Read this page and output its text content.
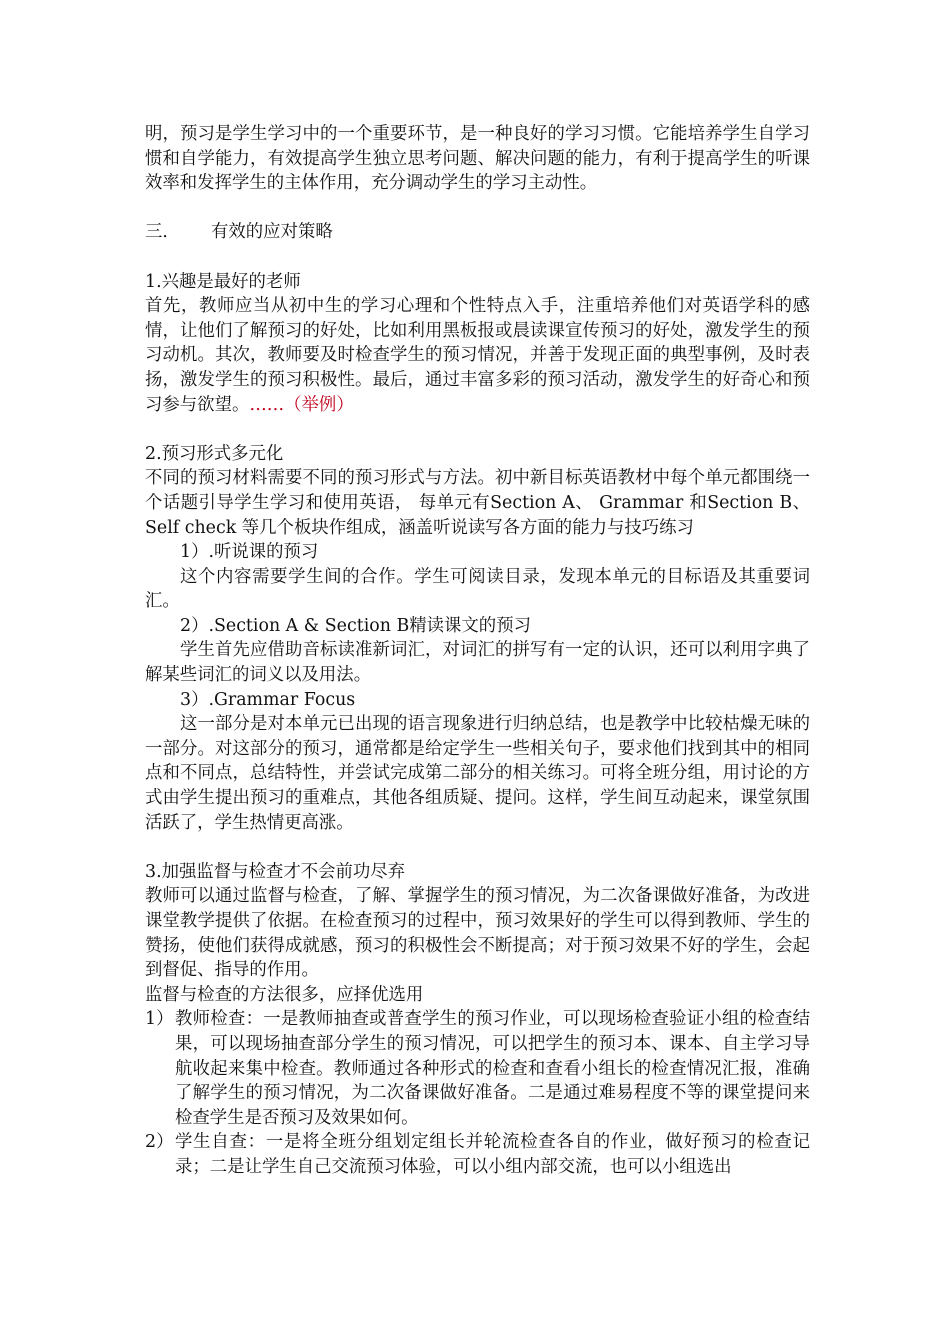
明，预习是学生学习中的一个重要环节，是一种良好的学习习惯。它能培养学生自学习惯和自学能力，有效提高学生独立思考问题、解决问题的能力，有利于提高学生的听课效率和发挥学生的主体作用，充分调动学生的学习主动性。

三．	有效的应对策略

1.兴趣是最好的老师

首先，教师应当从初中生的学习心理和个性特点入手，注重培养他们对英语学科的感情，让他们了解预习的好处，比如利用黑板报或晨读课宣传预习的好处，激发学生的预习动机。其次，教师要及时检查学生的预习情况，并善于发现正面的典型事例，及时表扬，激发学生的预习积极性。最后，通过丰富多彩的预习活动，激发学生的好奇心和预习参与欲望。……（举例）

2.预习形式多元化

不同的预习材料需要不同的预习形式与方法。初中新目标英语教材中每个单元都围绕一个话题引导学生学习和使用英语， 每单元有Section A、 Grammar 和Section B、 Self check 等几个板块作组成，涵盖听说读写各方面的能力与技巧练习

1）.听说课的预习

这个内容需要学生间的合作。学生可阅读目录，发现本单元的目标语及其重要词汇。

2）.Section A & Section B精读课文的预习

学生首先应借助音标读准新词汇，对词汇的拼写有一定的认识，还可以利用字典了解某些词汇的词义以及用法。

3）.Grammar Focus

这一部分是对本单元已出现的语言现象进行归纳总结，也是教学中比较枯燥无味的一部分。对这部分的预习，通常都是给定学生一些相关句子，要求他们找到其中的相同点和不同点，总结特性，并尝试完成第二部分的相关练习。可将全班分组，用讨论的方式由学生提出预习的重难点，其他各组质疑、提问。这样，学生间互动起来，课堂氛围活跃了，学生热情更高涨。

3.加强监督与检查才不会前功尽弃

教师可以通过监督与检查，了解、掌握学生的预习情况，为二次备课做好准备，为改进课堂教学提供了依据。在检查预习的过程中，预习效果好的学生可以得到教师、学生的赞扬，使他们获得成就感，预习的积极性会不断提高；对于预习效果不好的学生，会起到督促、指导的作用。

监督与检查的方法很多，应择优选用

1） 教师检查：一是教师抽查或普查学生的预习作业，可以现场检查验证小组的检查结果，可以现场抽查部分学生的预习情况，可以把学生的预习本、课本、自主学习导航收起来集中检查。教师通过各种形式的检查和查看小组长的检查情况汇报，准确了解学生的预习情况，为二次备课做好准备。二是通过难易程度不等的课堂提问来检查学生是否预习及效果如何。
2） 学生自查：一是将全班分组划定组长并轮流检查各自的作业，做好预习的检查记录；二是让学生自己交流预习体验，可以小组内部交流，也可以小组选出
